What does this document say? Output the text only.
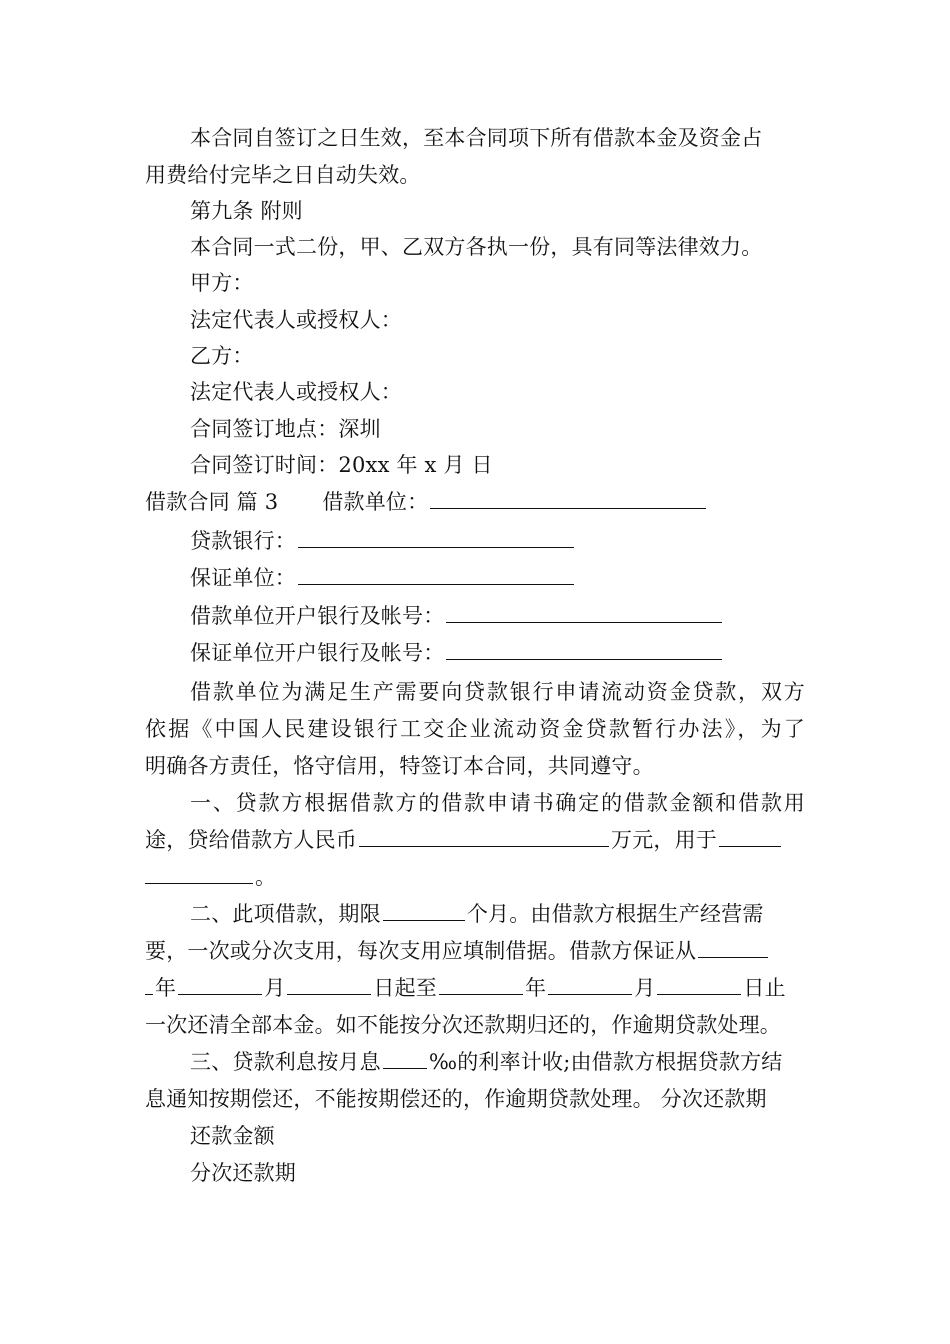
本合同自签订之日生效，至本合同项下所有借款本金及资金占
用费给付完毕之日自动失效。
第九条 附则
本合同一式二份，甲、乙双方各执一份，具有同等法律效力。
甲方：
法定代表人或授权人：
乙方：
法定代表人或授权人：
合同签订地点：深圳
合同签订时间：20xx 年 x 月 日
借款合同 篇 3 借款单位：
贷款银行：
保证单位：
借款单位开户银行及帐号：
保证单位开户银行及帐号：
借款单位为满足生产需要向贷款银行申请流动资金贷款，双方
依据《中国人民建设银行工交企业流动资金贷款暂行办法》，为了
明确各方责任，恪守信用，特签订本合同，共同遵守。
一、贷款方根据借款方的借款申请书确定的借款金额和借款用
途，贷给借款方人民币	万元，用于
。
二、此项借款，期限	个月。由借款方根据生产经营需
要，一次或分次支用，每次支用应填制借据。借款方保证从
年	月	日起至	年	月	日止
一次还清全部本金。如不能按分次还款期归还的，作逾期贷款处理。
三、贷款利息按月息 ‰的利率计收;由借款方根据贷款方结
息通知按期偿还，不能按期偿还的，作逾期贷款处理。 分次还款期
还款金额
分次还款期
